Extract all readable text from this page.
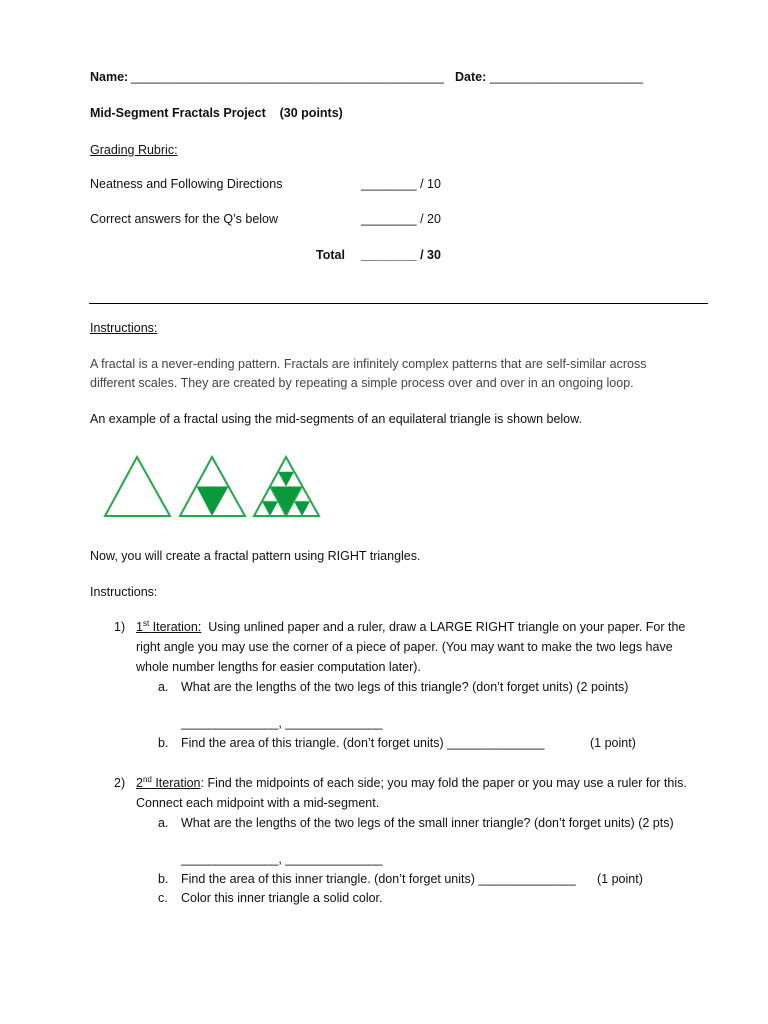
Name: _____________________________________________ Date: ______________________
Mid-Segment Fractals Project    (30 points)
Grading Rubric:
Neatness and Following Directions	________ / 10
Correct answers for the Q’s below	________ / 20
Total ________ / 30
Instructions:
A fractal is a never-ending pattern. Fractals are infinitely complex patterns that are self-similar across
different scales. They are created by repeating a simple process over and over in an ongoing loop.
An example of a fractal using the mid-segments of an equilateral triangle is shown below.
Now, you will create a fractal pattern using RIGHT triangles.
Instructions:
1) 1st Iteration: Using unlined paper and a ruler, draw a LARGE RIGHT triangle on your paper. For the
right angle you may use the corner of a piece of paper. (You may want to make the two legs have
whole number lengths for easier computation later).
a. What are the lengths of the two legs of this triangle? (don’t forget units) (2 points)
______________, ______________
b. Find the area of this triangle. (don’t forget units) ______________	(1 point)
2) 2nd Iteration: Find the midpoints of each side; you may fold the paper or you may use a ruler for this.
Connect each midpoint with a mid-segment.
a. What are the lengths of the two legs of the small inner triangle? (don’t forget units) (2 pts)
______________, ______________
b. Find the area of this inner triangle. (don’t forget units) ______________ (1 point)
c. Color this inner triangle a solid color.
